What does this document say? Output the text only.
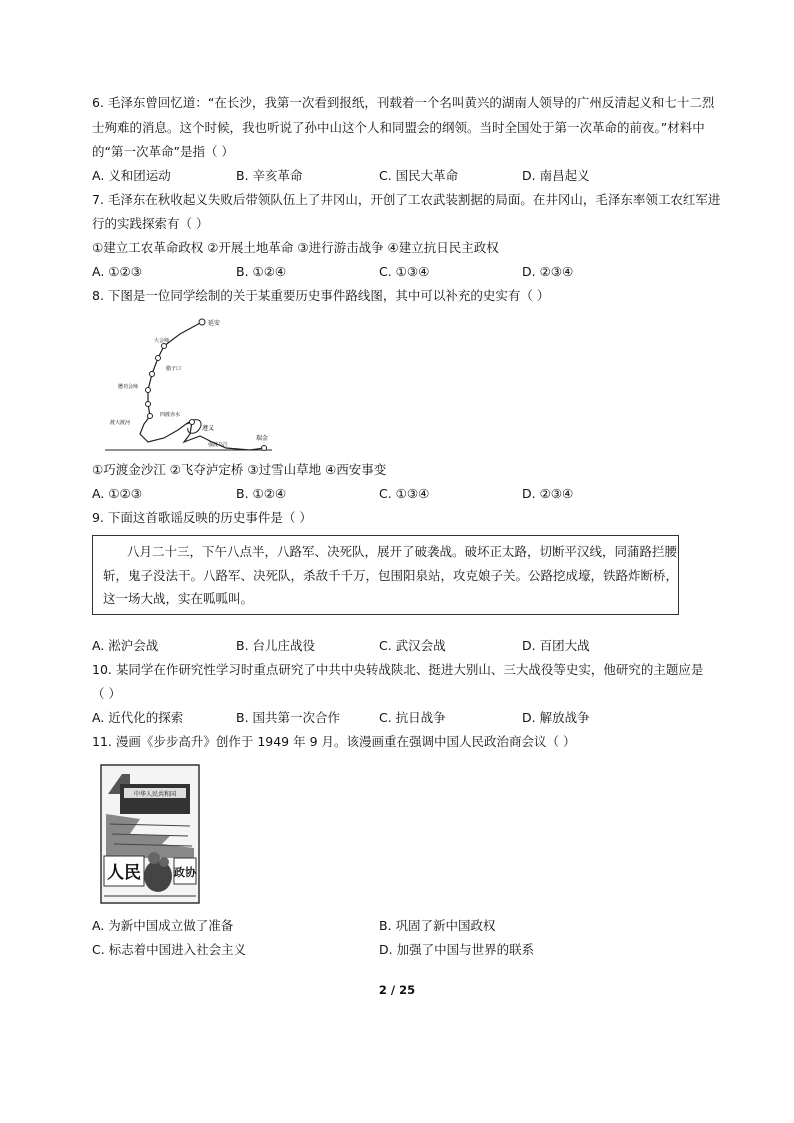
6. 毛泽东曾回忆道：“在长沙，我第一次看到报纸，刊载着一个名叫黄兴的湖南人领导的广州反清起义和七十二烈
士殉难的消息。这个时候，我也听说了孙中山这个人和同盟会的纲领。当时全国处于第一次革命的前夜。”材料中
的“第一次革命”是指（ ）
A. 义和团运动	B. 辛亥革命	C. 国民大革命	D. 南昌起义
7. 毛泽东在秋收起义失败后带领队伍上了井冈山，开创了工农武装割据的局面。在井冈山，毛泽东率领工农红军进
行的实践探索有（ ）
①建立工农革命政权 ②开展土地革命 ③进行游击战争 ④建立抗日民主政权
A. ①②③	B. ①②④	C. ①③④	D. ②③④
8. 下图是一位同学绘制的关于某重要历史事件路线图，其中可以补充的史实有（ ）
延安
大会师
腊子口
懋功会师
渡大渡河
四渡赤水
遵义
强渡乌江
瑞金
①巧渡金沙江 ②飞夺泸定桥 ③过雪山草地 ④西安事变
A. ①②③	B. ①②④	C. ①③④	D. ②③④
9. 下面这首歌谣反映的历史事件是（ ）
八月二十三，下午八点半，八路军、决死队，展开了破袭战。破坏正太路，切断平汉线，同蒲路拦腰
斩，鬼子没法干。八路军、决死队，杀敌千千万，包围阳泉站，攻克娘子关。公路挖成壕，铁路炸断桥，
这一场大战，实在呱呱叫。
A. 淞沪会战	B. 台儿庄战役	C. 武汉会战	D. 百团大战
10. 某同学在作研究性学习时重点研究了中共中央转战陕北、挺进大别山、三大战役等史实，他研究的主题应是
（ ）
A. 近代化的探索	B. 国共第一次合作	C. 抗日战争	D. 解放战争
11. 漫画《步步高升》创作于 1949 年 9 月。该漫画重在强调中国人民政治商会议（ ）
中华人民共和国
人民	政协
A. 为新中国成立做了准备	B. 巩固了新中国政权
C. 标志着中国进入社会主义	D. 加强了中国与世界的联系
2 / 25
